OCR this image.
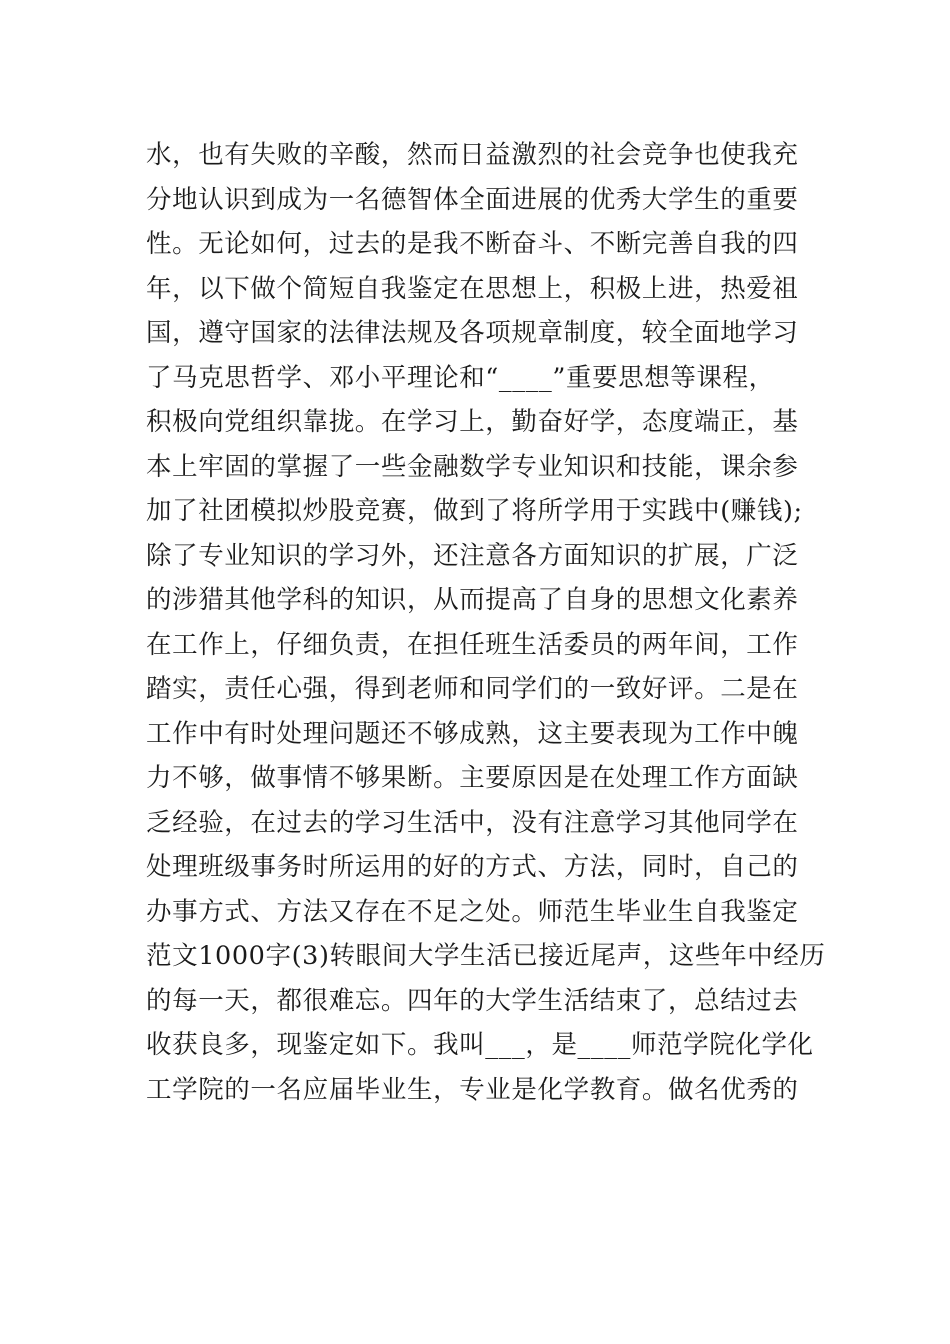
水，也有失败的辛酸，然而日益激烈的社会竞争也使我充
分地认识到成为一名德智体全面进展的优秀大学生的重要
性。无论如何，过去的是我不断奋斗、不断完善自我的四
年，以下做个简短自我鉴定在思想上，积极上进，热爱祖
国，遵守国家的法律法规及各项规章制度，较全面地学习
了马克思哲学、邓小平理论和“____”重要思想等课程，
积极向党组织靠拢。在学习上，勤奋好学，态度端正，基
本上牢固的掌握了一些金融数学专业知识和技能，课余参
加了社团模拟炒股竞赛，做到了将所学用于实践中(赚钱);
除了专业知识的学习外，还注意各方面知识的扩展，广泛
的涉猎其他学科的知识，从而提高了自身的思想文化素养
在工作上，仔细负责，在担任班生活委员的两年间，工作
踏实，责任心强，得到老师和同学们的一致好评。二是在
工作中有时处理问题还不够成熟，这主要表现为工作中魄
力不够，做事情不够果断。主要原因是在处理工作方面缺
乏经验，在过去的学习生活中，没有注意学习其他同学在
处理班级事务时所运用的好的方式、方法，同时，自己的
办事方式、方法又存在不足之处。师范生毕业生自我鉴定
范文1000字(3)转眼间大学生活已接近尾声，这些年中经历
的每一天，都很难忘。四年的大学生活结束了，总结过去
收获良多，现鉴定如下。我叫___，是____师范学院化学化
工学院的一名应届毕业生，专业是化学教育。做名优秀的
